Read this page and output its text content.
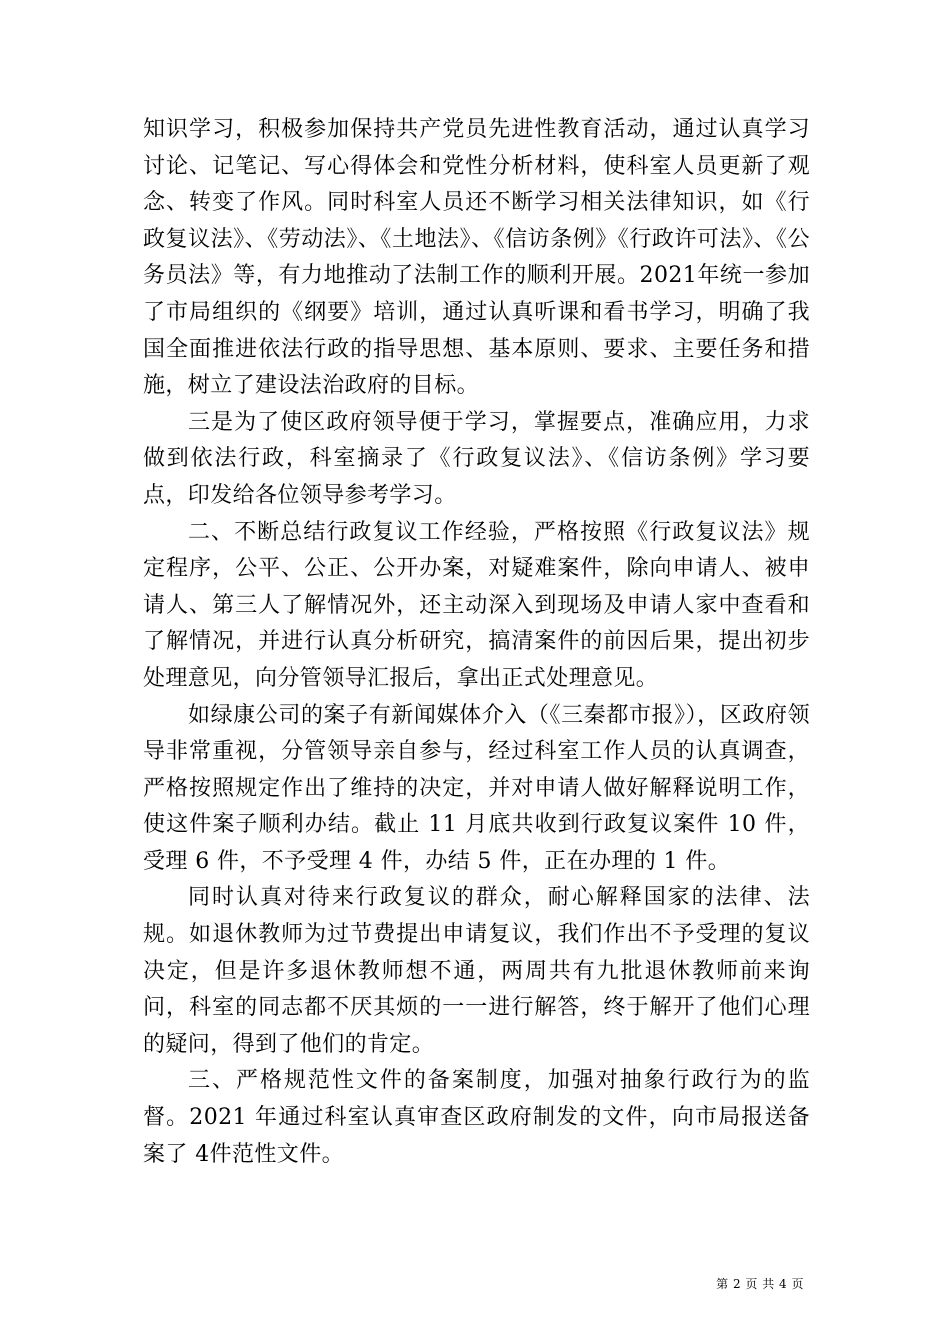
知识学习，积极参加保持共产党员先进性教育活动，通过认真学习讨论、记笔记、写心得体会和党性分析材料，使科室人员更新了观念、转变了作风。同时科室人员还不断学习相关法律知识，如《行政复议法》、《劳动法》、《土地法》、《信访条例》《行政许可法》、《公务员法》等，有力地推动了法制工作的顺利开展。2021年统一参加了市局组织的《纲要》培训，通过认真听课和看书学习，明确了我国全面推进依法行政的指导思想、基本原则、要求、主要任务和措施，树立了建设法治政府的目标。

三是为了使区政府领导便于学习，掌握要点，准确应用，力求做到依法行政，科室摘录了《行政复议法》、《信访条例》学习要点，印发给各位领导参考学习。

二、不断总结行政复议工作经验，严格按照《行政复议法》规定程序，公平、公正、公开办案，对疑难案件，除向申请人、被申请人、第三人了解情况外，还主动深入到现场及申请人家中查看和了解情况，并进行认真分析研究，搞清案件的前因后果，提出初步处理意见，向分管领导汇报后，拿出正式处理意见。

如绿康公司的案子有新闻媒体介入（《三秦都市报》），区政府领导非常重视，分管领导亲自参与，经过科室工作人员的认真调查，严格按照规定作出了维持的决定，并对申请人做好解释说明工作，使这件案子顺利办结。截止 11 月底共收到行政复议案件 10 件，受理 6 件，不予受理 4 件，办结 5 件，正在办理的 1 件。

同时认真对待来行政复议的群众，耐心解释国家的法律、法规。如退休教师为过节费提出申请复议，我们作出不予受理的复议决定，但是许多退休教师想不通，两周共有九批退休教师前来询问，科室的同志都不厌其烦的一一进行解答，终于解开了他们心理的疑问，得到了他们的肯定。

三、严格规范性文件的备案制度，加强对抽象行政行为的监督。2021 年通过科室认真审查区政府制发的文件，向市局报送备案了 4件范性文件。

第 2 页 共 4 页
